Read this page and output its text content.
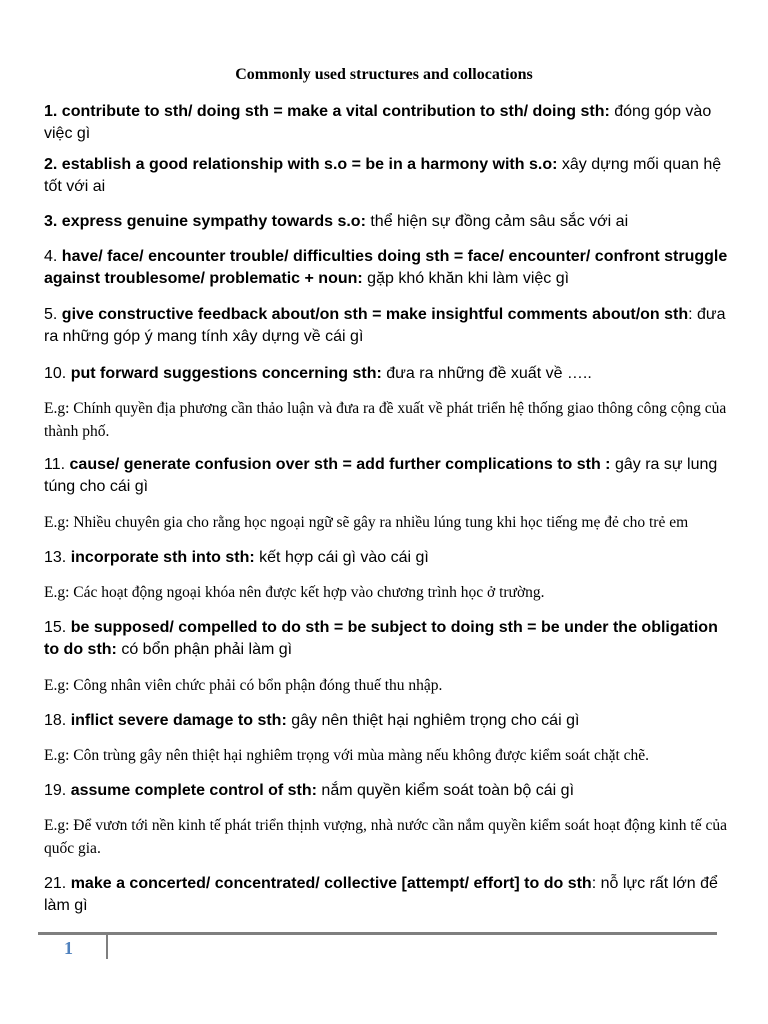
Commonly used structures and collocations
1. contribute to sth/ doing sth = make a vital contribution to sth/ doing sth: đóng góp vào việc gì
2. establish a good relationship with s.o = be in a harmony with s.o: xây dựng mối quan hệ tốt với ai
3. express genuine sympathy towards s.o: thể hiện sự đồng cảm sâu sắc với ai
4. have/ face/ encounter trouble/ difficulties doing sth = face/ encounter/ confront struggle against troublesome/ problematic + noun: gặp khó khăn khi làm việc gì
5. give constructive feedback about/on sth = make insightful comments about/on sth: đưa ra những góp ý mang tính xây dựng về cái gì
10. put forward suggestions concerning sth: đưa ra những đề xuất về …..
E.g: Chính quyền địa phương cần thảo luận và đưa ra đề xuất về phát triển hệ thống giao thông công cộng của thành phố.
11. cause/ generate confusion over sth = add further complications to sth : gây ra sự lung túng cho cái gì
E.g: Nhiều chuyên gia cho rằng học ngoại ngữ sẽ gây ra nhiều lúng tung khi học tiếng mẹ đẻ cho trẻ em
13. incorporate sth into sth: kết hợp cái gì vào cái gì
E.g: Các hoạt động ngoại khóa nên được kết hợp vào chương trình học ở trường.
15. be supposed/ compelled to do sth = be subject to doing sth = be under the obligation to do sth: có bổn phận phải làm gì
E.g: Công nhân viên chức phải có bổn phận đóng thuế thu nhập.
18. inflict severe damage to sth: gây nên thiệt hại nghiêm trọng cho cái gì
E.g: Côn trùng gây nên thiệt hại nghiêm trọng với mùa màng nếu không được kiểm soát chặt chẽ.
19. assume complete control of sth: nắm quyền kiểm soát toàn bộ cái gì
E.g: Để vươn tới nền kinh tế phát triển thịnh vượng, nhà nước cần nắm quyền kiểm soát hoạt động kinh tế của quốc gia.
21. make a concerted/ concentrated/ collective [attempt/ effort] to do sth: nỗ lực rất lớn để làm gì
1
